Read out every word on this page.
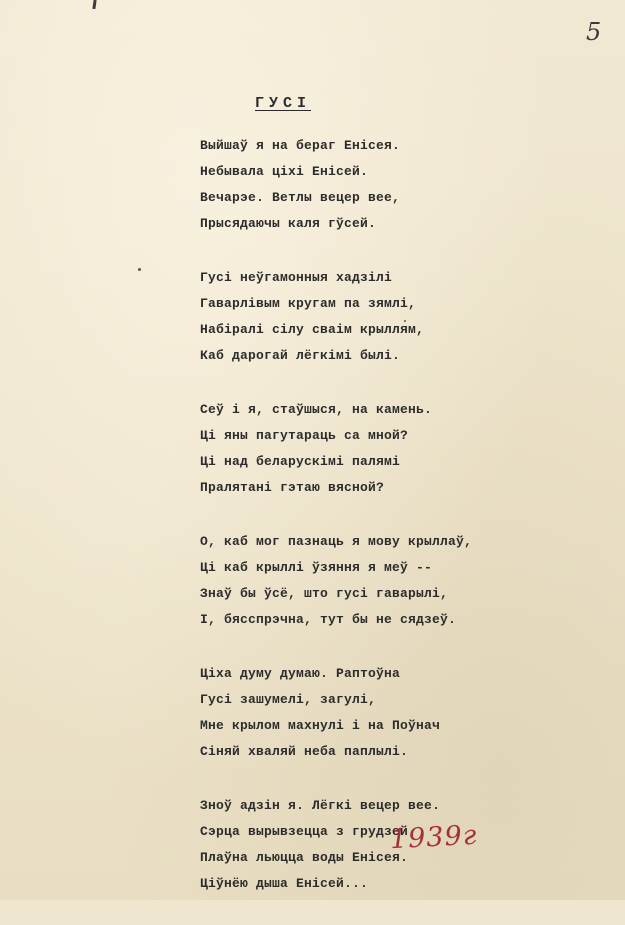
5
ГУСІ
Выйшаў я на бераг Енісея.
Небывала ціхі Енісей.
Вечарэе. Ветлы вецер вее,
Прысядаючы каля гўсей.
Гусі неўгамонныя хадзілі
Гаварлівым кругам па зямлі,
Набіралі сілу сваім крыллям,
Каб дарогай лёгкімі былі.
Сеў і я, стаўшыся, на камень.
Ці яны пагутараць са мной?
Ці над беларускімі палямі
Пралятані гэтаю вясной?
О, каб мог пазнаць я мову крыллаў,
Ці каб крыллі ўзяння я меў --
Знаў бы ўсё, што гусі гаварылі,
І, бясспрэчна, тут бы не сядзеў.
Ціха думу думаю. Раптоўна
Гусі зашумелі, загулі,
Мне крылом махнулі і на Поўнач
Сіняй хваляй неба паплылі.
Зноў адзін я. Лёгкі вецер вее.
Сэрца вырывзецца з грудзей.
Плаўна льюцца воды Енісея.
Ціўнёю дыша Енісей...
1939г
